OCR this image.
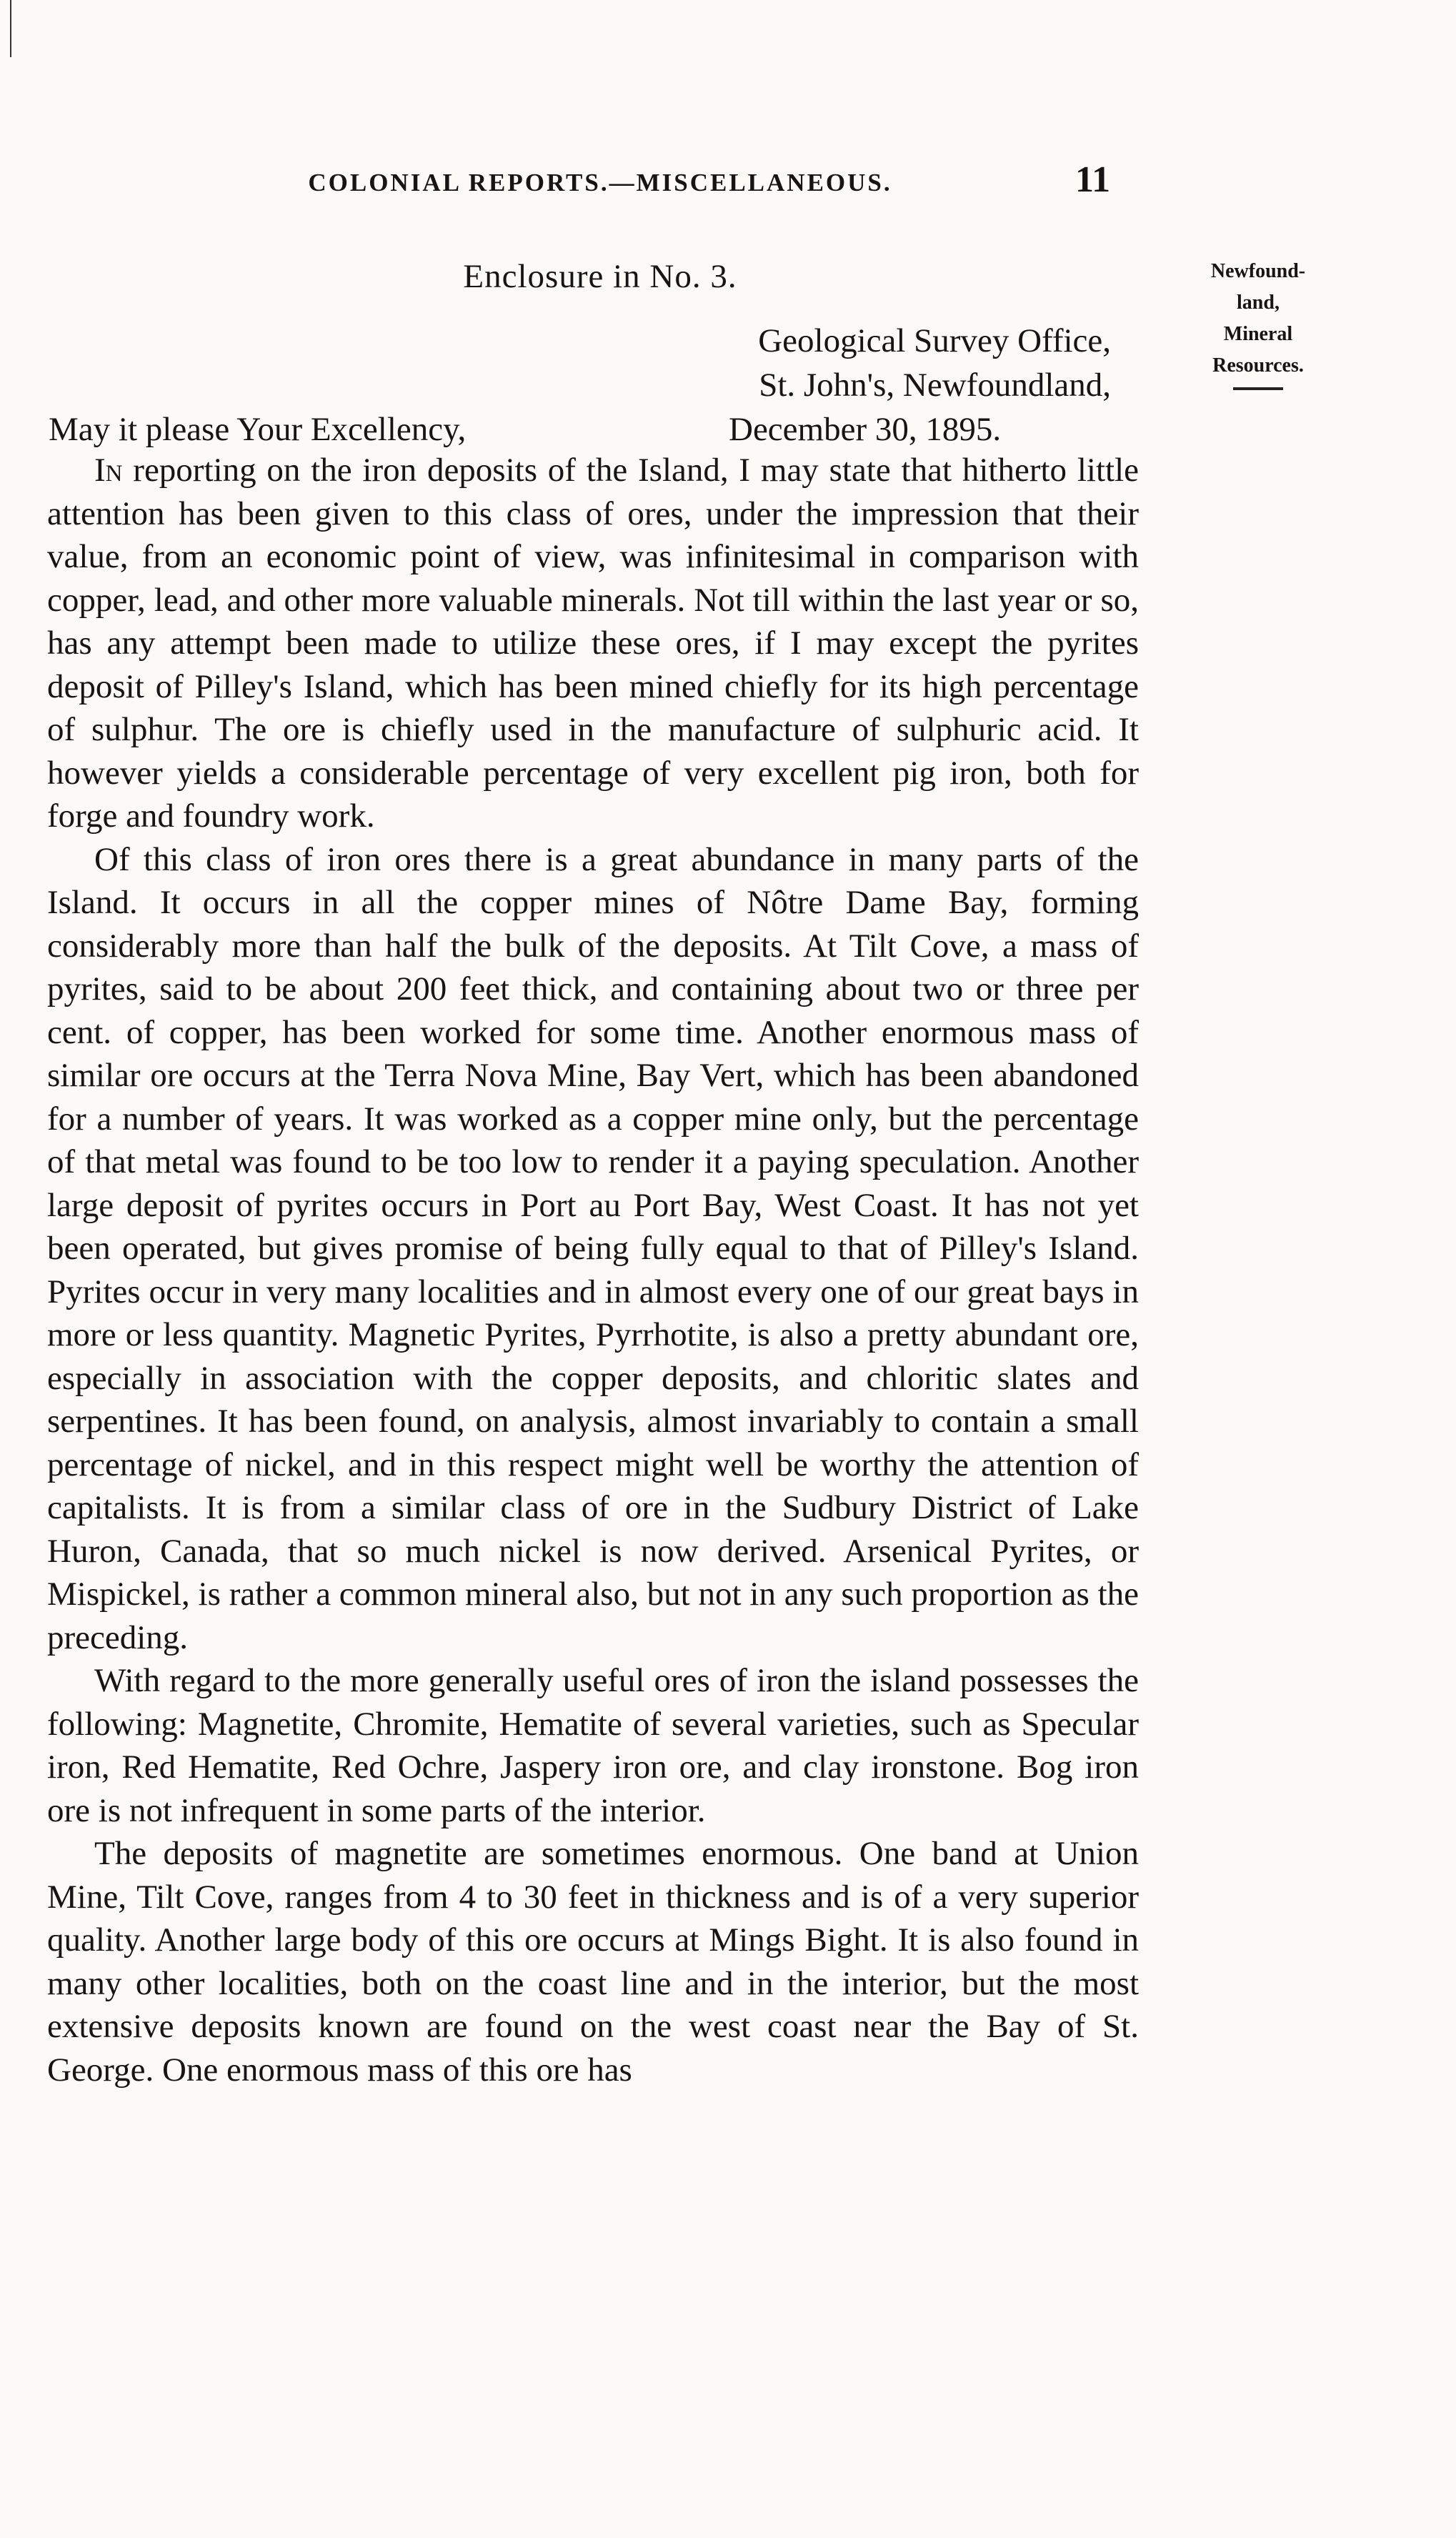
COLONIAL REPORTS.—MISCELLANEOUS.	11
Newfound-
land,
Mineral
Resources.
Enclosure in No. 3.
Geological Survey Office,
St. John's, Newfoundland,
May it please Your Excellency,	December 30, 1895.

In reporting on the iron deposits of the Island, I may state that hitherto little attention has been given to this class of ores, under the impression that their value, from an economic point of view, was infinitesimal in comparison with copper, lead, and other more valuable minerals. Not till within the last year or so, has any attempt been made to utilize these ores, if I may except the pyrites deposit of Pilley's Island, which has been mined chiefly for its high percentage of sulphur. The ore is chiefly used in the manufacture of sulphuric acid. It however yields a considerable percentage of very excellent pig iron, both for forge and foundry work.

Of this class of iron ores there is a great abundance in many parts of the Island. It occurs in all the copper mines of Nôtre Dame Bay, forming considerably more than half the bulk of the deposits. At Tilt Cove, a mass of pyrites, said to be about 200 feet thick, and containing about two or three per cent. of copper, has been worked for some time. Another enormous mass of similar ore occurs at the Terra Nova Mine, Bay Vert, which has been abandoned for a number of years. It was worked as a copper mine only, but the percentage of that metal was found to be too low to render it a paying speculation. Another large deposit of pyrites occurs in Port au Port Bay, West Coast. It has not yet been operated, but gives promise of being fully equal to that of Pilley's Island. Pyrites occur in very many localities and in almost every one of our great bays in more or less quantity. Magnetic Pyrites, Pyrrhotite, is also a pretty abundant ore, especially in association with the copper deposits, and chloritic slates and serpentines. It has been found, on analysis, almost invariably to contain a small percentage of nickel, and in this respect might well be worthy the attention of capitalists. It is from a similar class of ore in the Sudbury District of Lake Huron, Canada, that so much nickel is now derived. Arsenical Pyrites, or Mispickel, is rather a common mineral also, but not in any such proportion as the preceding.

With regard to the more generally useful ores of iron the island possesses the following: Magnetite, Chromite, Hematite of several varieties, such as Specular iron, Red Hematite, Red Ochre, Jaspery iron ore, and clay ironstone. Bog iron ore is not infrequent in some parts of the interior.

The deposits of magnetite are sometimes enormous. One band at Union Mine, Tilt Cove, ranges from 4 to 30 feet in thickness and is of a very superior quality. Another large body of this ore occurs at Mings Bight. It is also found in many other localities, both on the coast line and in the interior, but the most extensive deposits known are found on the west coast near the Bay of St. George. One enormous mass of this ore has
